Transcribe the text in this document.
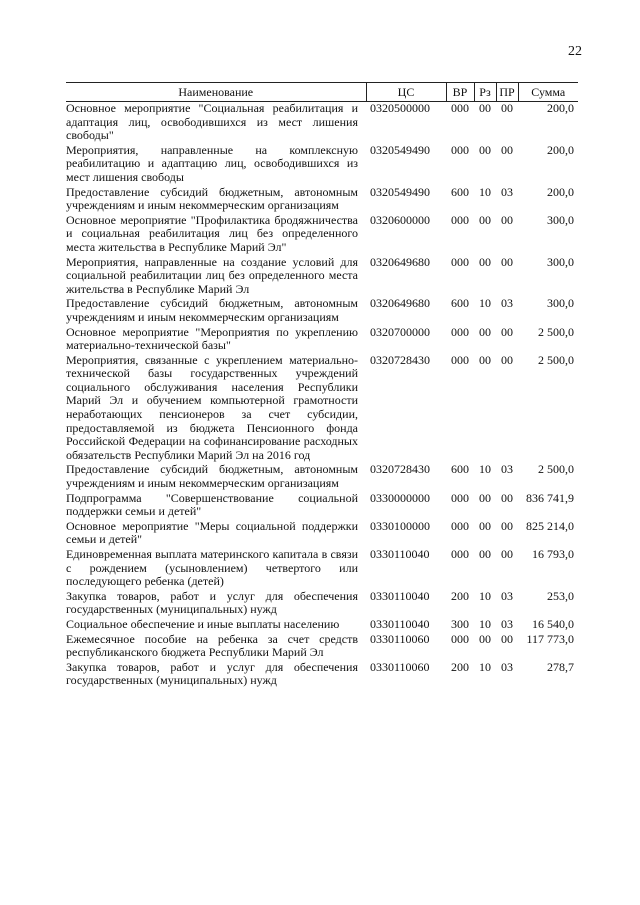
22
Наименование	ЦС	ВР	Рз	ПР	Сумма
Основное мероприятие "Социальная реабилитация и адаптация лиц, освободившихся из мест лишения свободы"	0320500000	000	00	00	200,0
Мероприятия, направленные на комплексную реабилитацию и адаптацию лиц, освободившихся из мест лишения свободы	0320549490	000	00	00	200,0
Предоставление субсидий бюджетным, автономным учреждениям и иным некоммерческим организациям	0320549490	600	10	03	200,0
Основное мероприятие "Профилактика бродяжничества и социальная реабилитация лиц без определенного места жительства в Республике Марий Эл"	0320600000	000	00	00	300,0
Мероприятия, направленные на создание условий для социальной реабилитации лиц без определенного места жительства в Республике Марий Эл	0320649680	000	00	00	300,0
Предоставление субсидий бюджетным, автономным учреждениям и иным некоммерческим организациям	0320649680	600	10	03	300,0
Основное мероприятие "Мероприятия по укреплению материально-технической базы"	0320700000	000	00	00	2 500,0
Мероприятия, связанные с укреплением материально-технической базы государственных учреждений социального обслуживания населения Республики Марий Эл и обучением компьютерной грамотности неработающих пенсионеров за счет субсидии, предоставляемой из бюджета Пенсионного фонда Российской Федерации на софинансирование расходных обязательств Республики Марий Эл на 2016 год	0320728430	000	00	00	2 500,0
Предоставление субсидий бюджетным, автономным учреждениям и иным некоммерческим организациям	0320728430	600	10	03	2 500,0
Подпрограмма "Совершенствование социальной поддержки семьи и детей"	0330000000	000	00	00	836 741,9
Основное мероприятие "Меры социальной поддержки семьи и детей"	0330100000	000	00	00	825 214,0
Единовременная выплата материнского капитала в связи с рождением (усыновлением) четвертого или последующего ребенка (детей)	0330110040	000	00	00	16 793,0
Закупка товаров, работ и услуг для обеспечения государственных (муниципальных) нужд	0330110040	200	10	03	253,0
Социальное обеспечение и иные выплаты населению	0330110040	300	10	03	16 540,0
Ежемесячное пособие на ребенка за счет средств республиканского бюджета Республики Марий Эл	0330110060	000	00	00	117 773,0
Закупка товаров, работ и услуг для обеспечения государственных (муниципальных) нужд	0330110060	200	10	03	278,7
